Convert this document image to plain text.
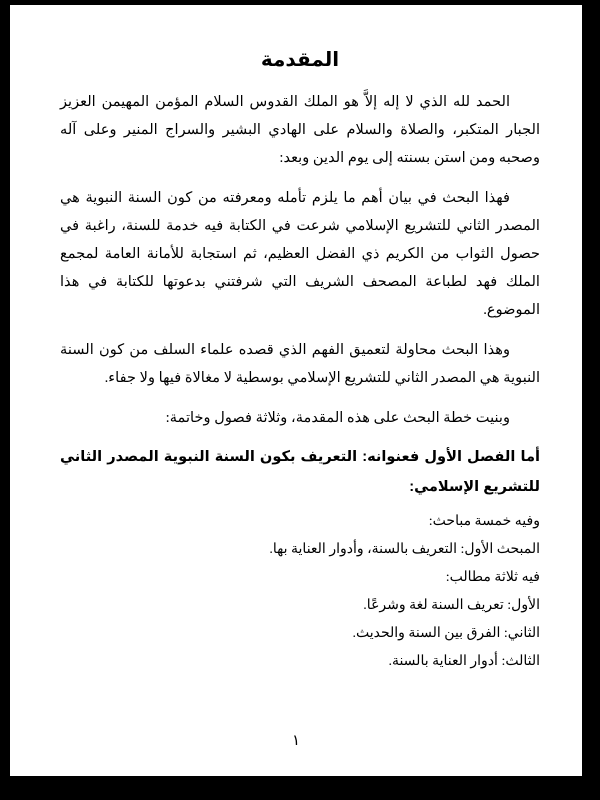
المقدمة

الحمد لله الذي لا إله إلاَّ هو الملك القدوس السلام المؤمن المهيمن العزيز الجبار المتكبر، والصلاة والسلام على الهادي البشير والسراج المنير وعلى آله وصحبه ومن استن بسنته إلى يوم الدين وبعد:

فهذا البحث في بيان أهم ما يلزم تأمله ومعرفته من كون السنة النبوية هي المصدر الثاني للتشريع الإسلامي شرعت في الكتابة فيه خدمة للسنة، راغبة في حصول الثواب من الكريم ذي الفضل العظيم، ثم استجابة للأمانة العامة لمجمع الملك فهد لطباعة المصحف الشريف التي شرفتني بدعوتها للكتابة في هذا الموضوع.

وهذا البحث محاولة لتعميق الفهم الذي قصده علماء السلف من كون السنة النبوية هي المصدر الثاني للتشريع الإسلامي بوسطية لا مغالاة فيها ولا جفاء.

وبنيت خطة البحث على هذه المقدمة، وثلاثة فصول وخاتمة:

أما الفصل الأول فعنوانه: التعريف بكون السنة النبوية المصدر الثاني للتشريع الإسلامي:

وفيه خمسة مباحث:

المبحث الأول: التعريف بالسنة، وأدوار العناية بها.

فيه ثلاثة مطالب:

الأول: تعريف السنة لغة وشرعًا.

الثاني: الفرق بين السنة والحديث.

الثالث: أدوار العناية بالسنة.

١
